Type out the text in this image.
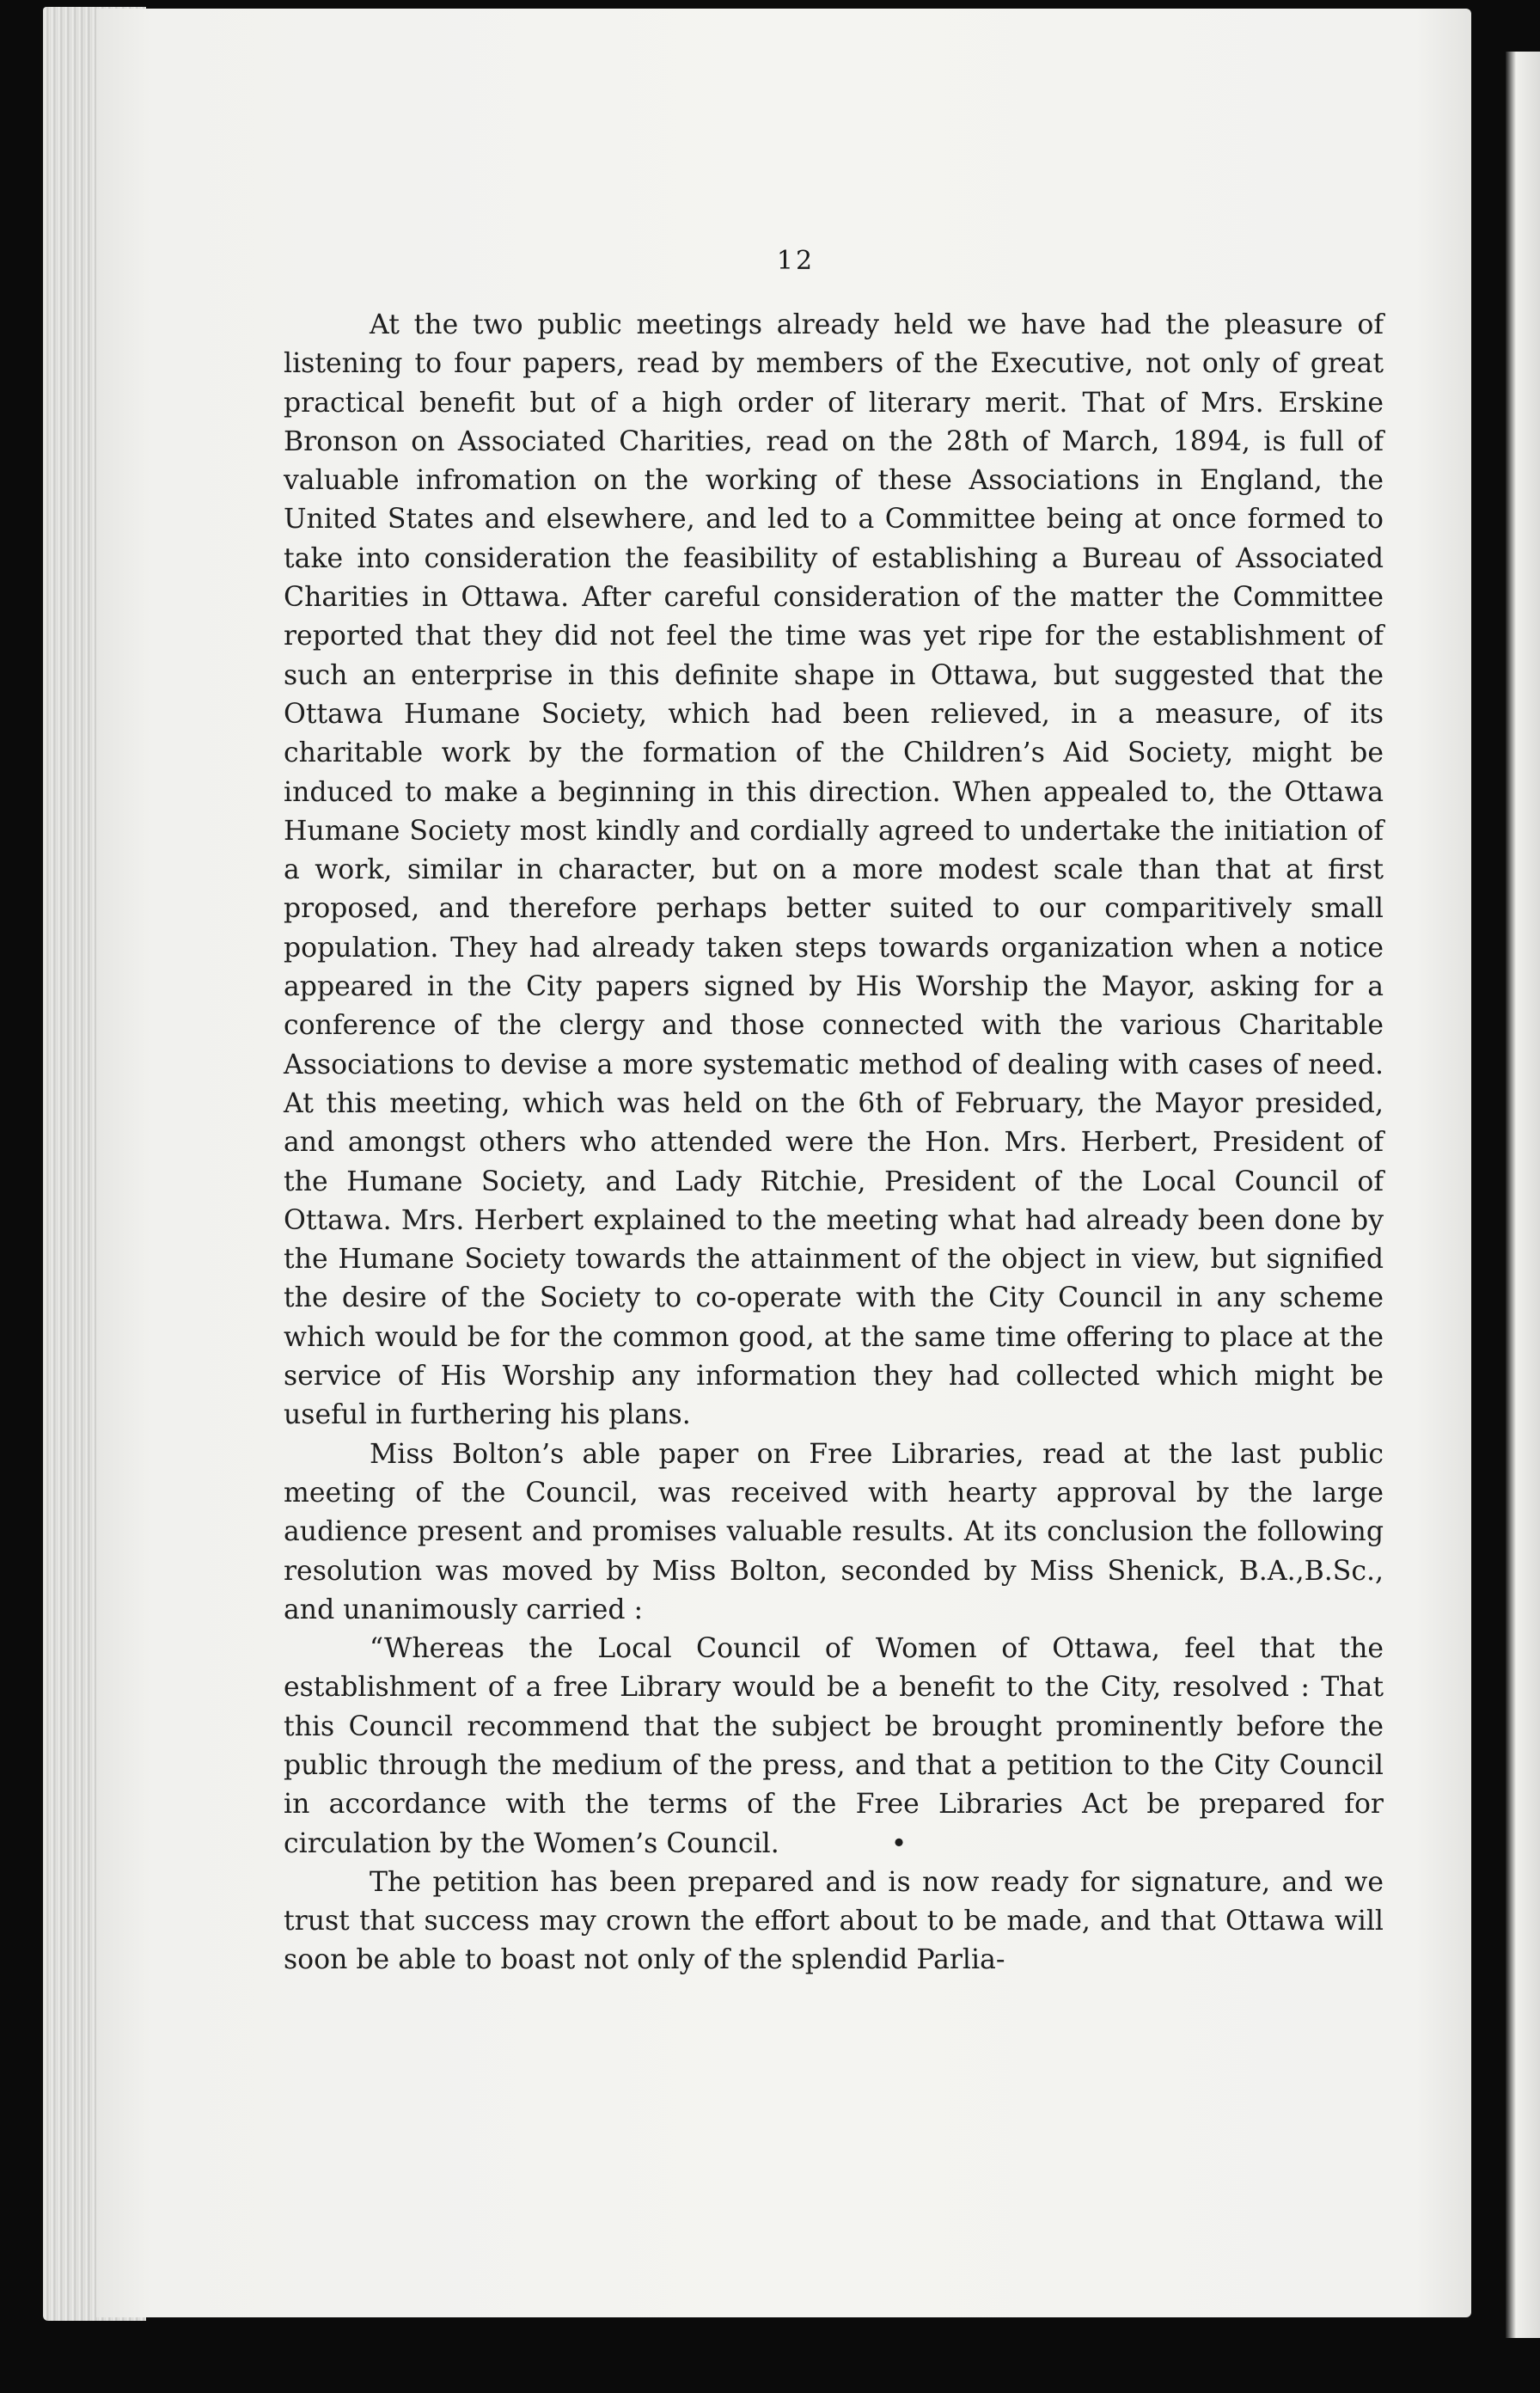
12

At the two public meetings already held we have had the pleasure of listening to four papers, read by members of the Executive, not only of great practical benefit but of a high order of literary merit. That of Mrs. Erskine Bronson on Associated Charities, read on the 28th of March, 1894, is full of valuable infromation on the working of these Associations in England, the United States and elsewhere, and led to a Committee being at once formed to take into consideration the feasibility of establishing a Bureau of Associated Charities in Ottawa. After careful consideration of the matter the Committee reported that they did not feel the time was yet ripe for the establishment of such an enterprise in this definite shape in Ottawa, but suggested that the Ottawa Humane Society, which had been relieved, in a measure, of its charitable work by the formation of the Children’s Aid Society, might be induced to make a beginning in this direction. When appealed to, the Ottawa Humane Society most kindly and cordially agreed to undertake the initiation of a work, similar in character, but on a more modest scale than that at first proposed, and therefore perhaps better suited to our comparitively small population. They had already taken steps towards organization when a notice appeared in the City papers signed by His Worship the Mayor, asking for a conference of the clergy and those connected with the various Charitable Associations to devise a more systematic method of dealing with cases of need. At this meeting, which was held on the 6th of February, the Mayor presided, and amongst others who attended were the Hon. Mrs. Herbert, President of the Humane Society, and Lady Ritchie, President of the Local Council of Ottawa. Mrs. Herbert explained to the meeting what had already been done by the Humane Society towards the attainment of the object in view, but signified the desire of the Society to co-operate with the City Council in any scheme which would be for the common good, at the same time offering to place at the service of His Worship any information they had collected which might be useful in furthering his plans.

Miss Bolton’s able paper on Free Libraries, read at the last public meeting of the Council, was received with hearty approval by the large audience present and promises valuable results. At its conclusion the following resolution was moved by Miss Bolton, seconded by Miss Shenick, B.A.,B.Sc., and unanimously carried :

“Whereas the Local Council of Women of Ottawa, feel that the establishment of a free Library would be a benefit to the City, resolved : That this Council recommend that the subject be brought prominently before the public through the medium of the press, and that a petition to the City Council in accordance with the terms of the Free Libraries Act be prepared for circulation by the Women’s Council.	•

The petition has been prepared and is now ready for signature, and we trust that success may crown the effort about to be made, and that Ottawa will soon be able to boast not only of the splendid Parlia-
